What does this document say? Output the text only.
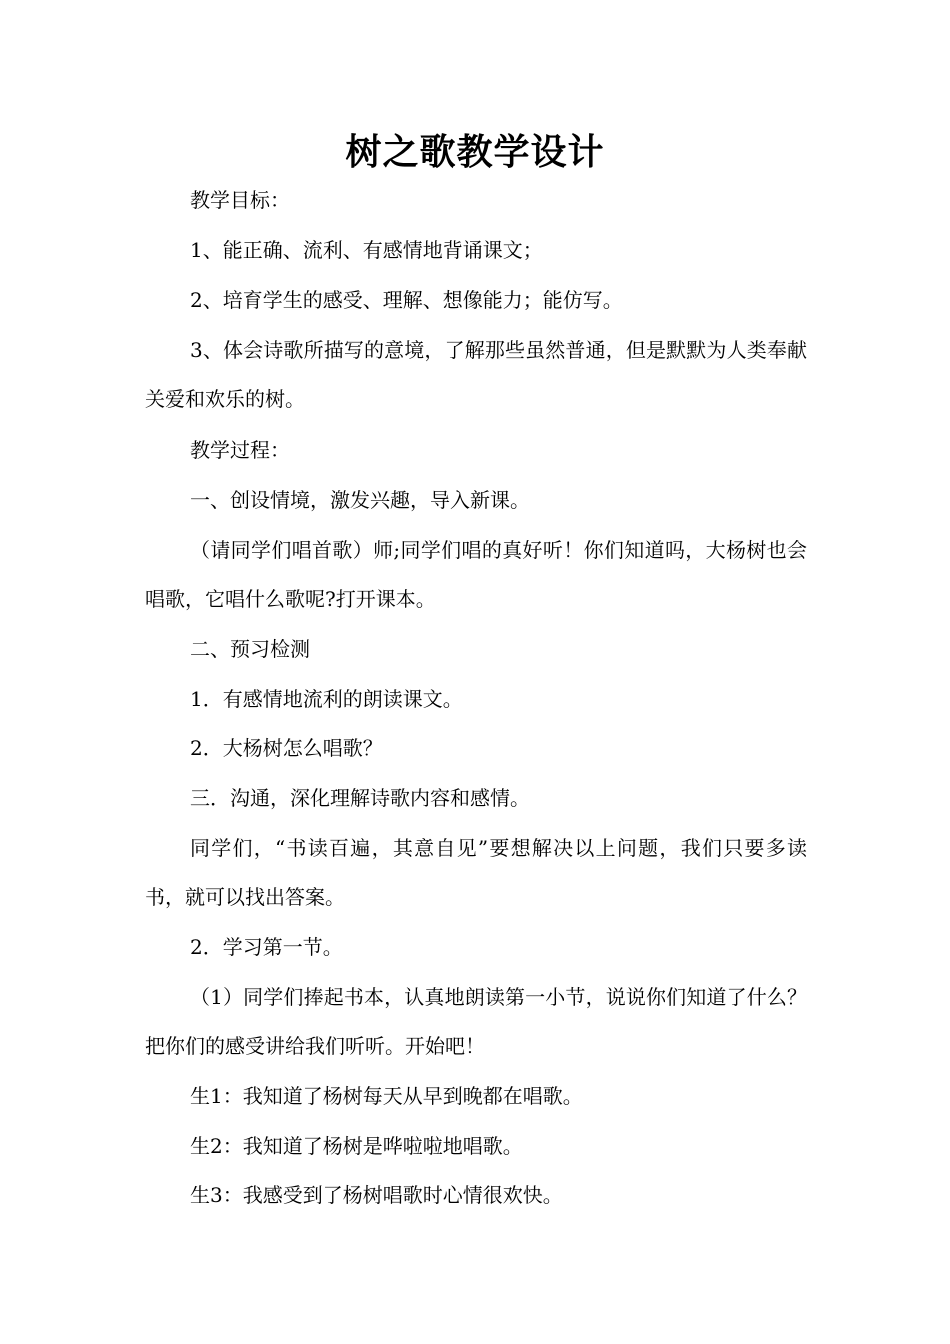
树之歌教学设计

教学目标：

1、能正确、流利、有感情地背诵课文；

2、培育学生的感受、理解、想像能力；能仿写。

3、体会诗歌所描写的意境，了解那些虽然普通，但是默默为人类奉献关爱和欢乐的树。

教学过程：

一、创设情境，激发兴趣，导入新课。

（请同学们唱首歌）师;同学们唱的真好听！你们知道吗，大杨树也会唱歌，它唱什么歌呢?打开课本。

二、预习检测

1．有感情地流利的朗读课文。

2．大杨树怎么唱歌？

三．沟通，深化理解诗歌内容和感情。

同学们，“书读百遍，其意自见”要想解决以上问题，我们只要多读书，就可以找出答案。

2．学习第一节。

（1）同学们捧起书本，认真地朗读第一小节，说说你们知道了什么？把你们的感受讲给我们听听。开始吧！

生1：我知道了杨树每天从早到晚都在唱歌。

生2：我知道了杨树是哗啦啦地唱歌。

生3：我感受到了杨树唱歌时心情很欢快。
